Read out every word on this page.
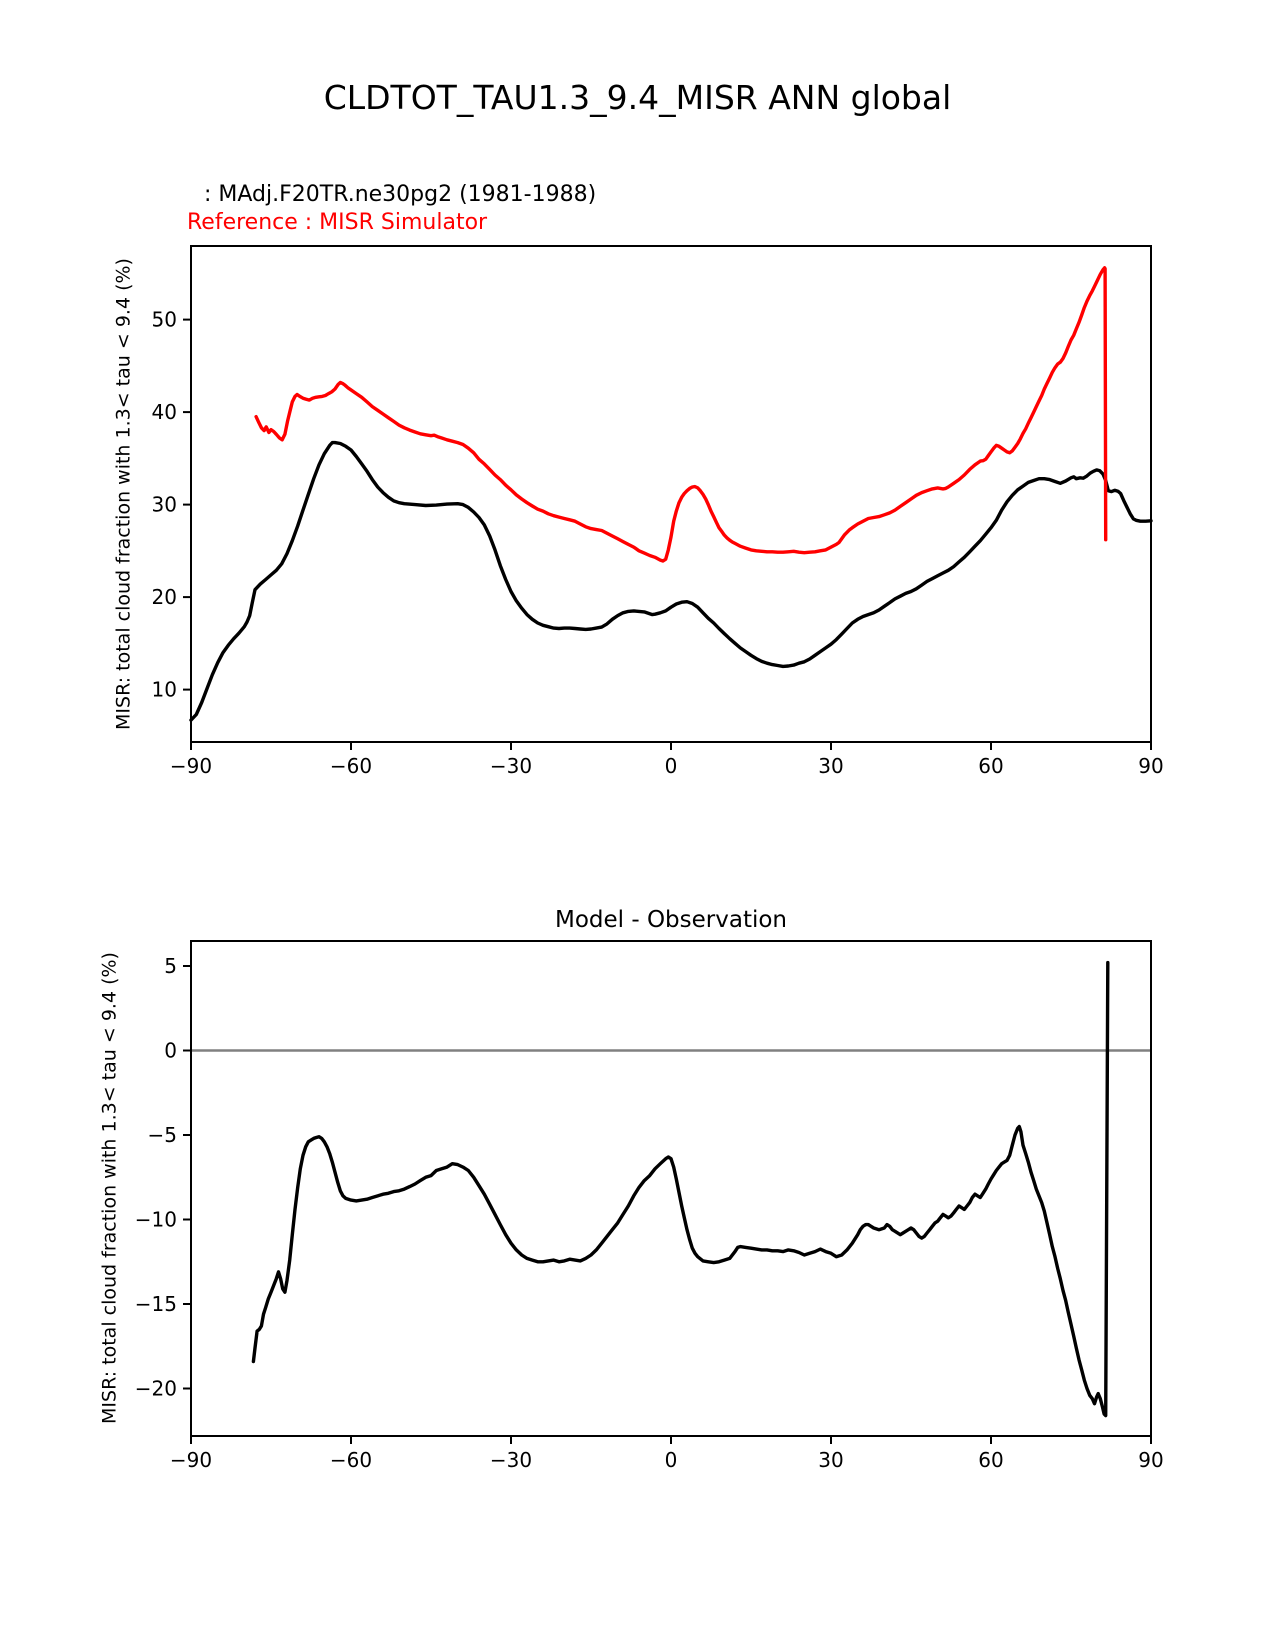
CLDTOT_TAU1.3_9.4_MISR ANN global
: MAdj.F20TR.ne30pg2 (1981-1988)
Reference : MISR Simulator
MISR: total cloud fraction with 1.3< tau < 9.4 (%)
Model - Observation
MISR: total cloud fraction with 1.3< tau < 9.4 (%)
−90	−60	−30	0	30	60	90
10
20
30
40
50
−90	−60	−30	0	30	60	90
5
0
−5
−10
−15
−20
